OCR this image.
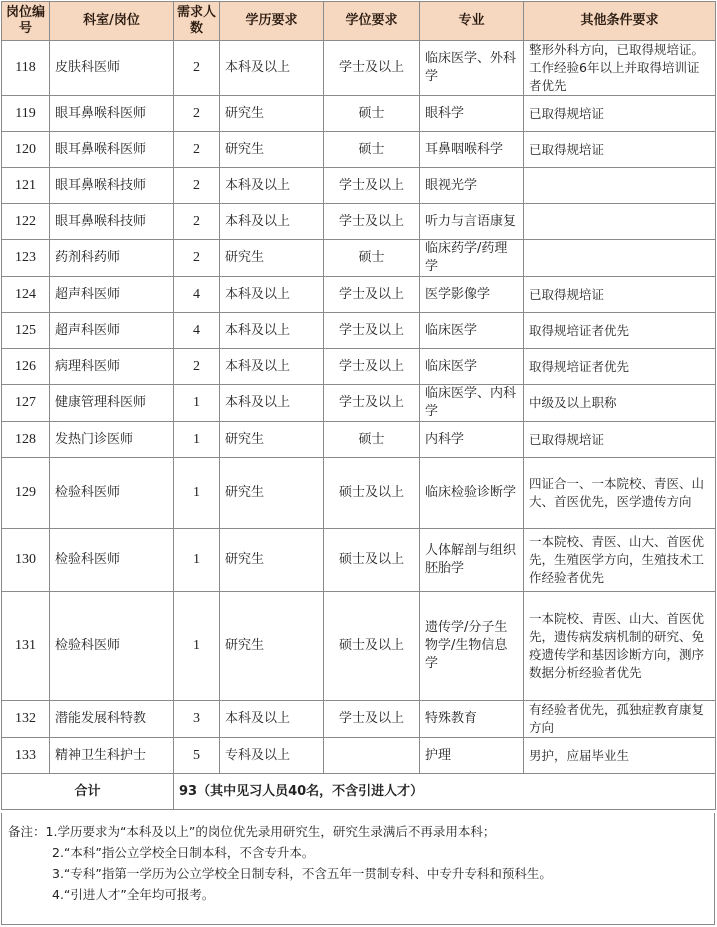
岗位编号	科室/岗位	需求人数	学历要求	学位要求	专业	其他条件要求
118	皮肤科医师	2	本科及以上	学士及以上	临床医学、外科学	整形外科方向，已取得规培证。工作经验6年以上并取得培训证者优先
119	眼耳鼻喉科医师	2	研究生	硕士	眼科学	已取得规培证
120	眼耳鼻喉科医师	2	研究生	硕士	耳鼻咽喉科学	已取得规培证
121	眼耳鼻喉科技师	2	本科及以上	学士及以上	眼视光学	
122	眼耳鼻喉科技师	2	本科及以上	学士及以上	听力与言语康复	
123	药剂科药师	2	研究生	硕士	临床药学/药理学	
124	超声科医师	4	本科及以上	学士及以上	医学影像学	已取得规培证
125	超声科医师	4	本科及以上	学士及以上	临床医学	取得规培证者优先
126	病理科医师	2	本科及以上	学士及以上	临床医学	取得规培证者优先
127	健康管理科医师	1	本科及以上	学士及以上	临床医学、内科学	中级及以上职称
128	发热门诊医师	1	研究生	硕士	内科学	已取得规培证
129	检验科医师	1	研究生	硕士及以上	临床检验诊断学	四证合一、一本院校、青医、山大、首医优先，医学遗传方向
130	检验科医师	1	研究生	硕士及以上	人体解剖与组织胚胎学	一本院校、青医、山大、首医优先，生殖医学方向，生殖技术工作经验者优先
131	检验科医师	1	研究生	硕士及以上	遗传学/分子生物学/生物信息学	一本院校、青医、山大、首医优先，遗传病发病机制的研究、免疫遗传学和基因诊断方向，测序数据分析经验者优先
132	潜能发展科特教	3	本科及以上	学士及以上	特殊教育	有经验者优先，孤独症教育康复方向
133	精神卫生科护士	5	专科及以上		护理	男护，应届毕业生
合计		93（其中见习人员40名，不含引进人才）				
备注：1.学历要求为“本科及以上”的岗位优先录用研究生，研究生录满后不再录用本科；
2.“本科”指公立学校全日制本科，不含专升本。
3.“专科”指第一学历为公立学校全日制专科，不含五年一贯制专科、中专升专科和预科生。
4.“引进人才”全年均可报考。
